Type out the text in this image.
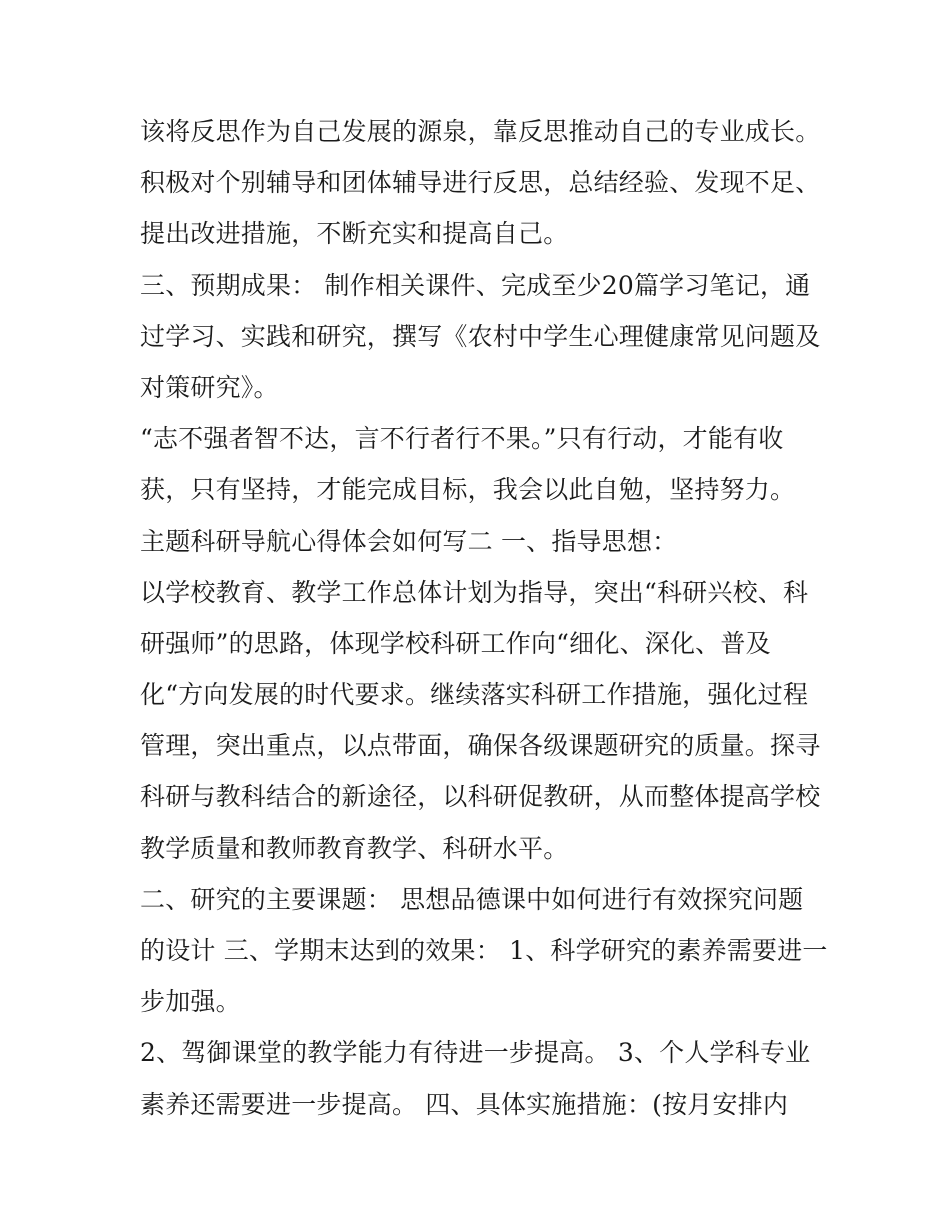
该将反思作为自己发展的源泉，靠反思推动自己的专业成长。
积极对个别辅导和团体辅导进行反思，总结经验、发现不足、
提出改进措施，不断充实和提高自己。
三、预期成果： 制作相关课件、完成至少20篇学习笔记，通
过学习、实践和研究，撰写《农村中学生心理健康常见问题及
对策研究》。
“志不强者智不达，言不行者行不果。”只有行动，才能有收
获，只有坚持，才能完成目标，我会以此自勉，坚持努力。
主题科研导航心得体会如何写二 一、指导思想：
以学校教育、教学工作总体计划为指导，突出“科研兴校、科
研强师”的思路，体现学校科研工作向“细化、深化、普及
化“方向发展的时代要求。继续落实科研工作措施，强化过程
管理，突出重点，以点带面，确保各级课题研究的质量。探寻
科研与教科结合的新途径，以科研促教研，从而整体提高学校
教学质量和教师教育教学、科研水平。
二、研究的主要课题： 思想品德课中如何进行有效探究问题
的设计 三、学期末达到的效果： 1、科学研究的素养需要进一
步加强。
2、驾御课堂的教学能力有待进一步提高。 3、个人学科专业
素养还需要进一步提高。 四、具体实施措施：(按月安排内
